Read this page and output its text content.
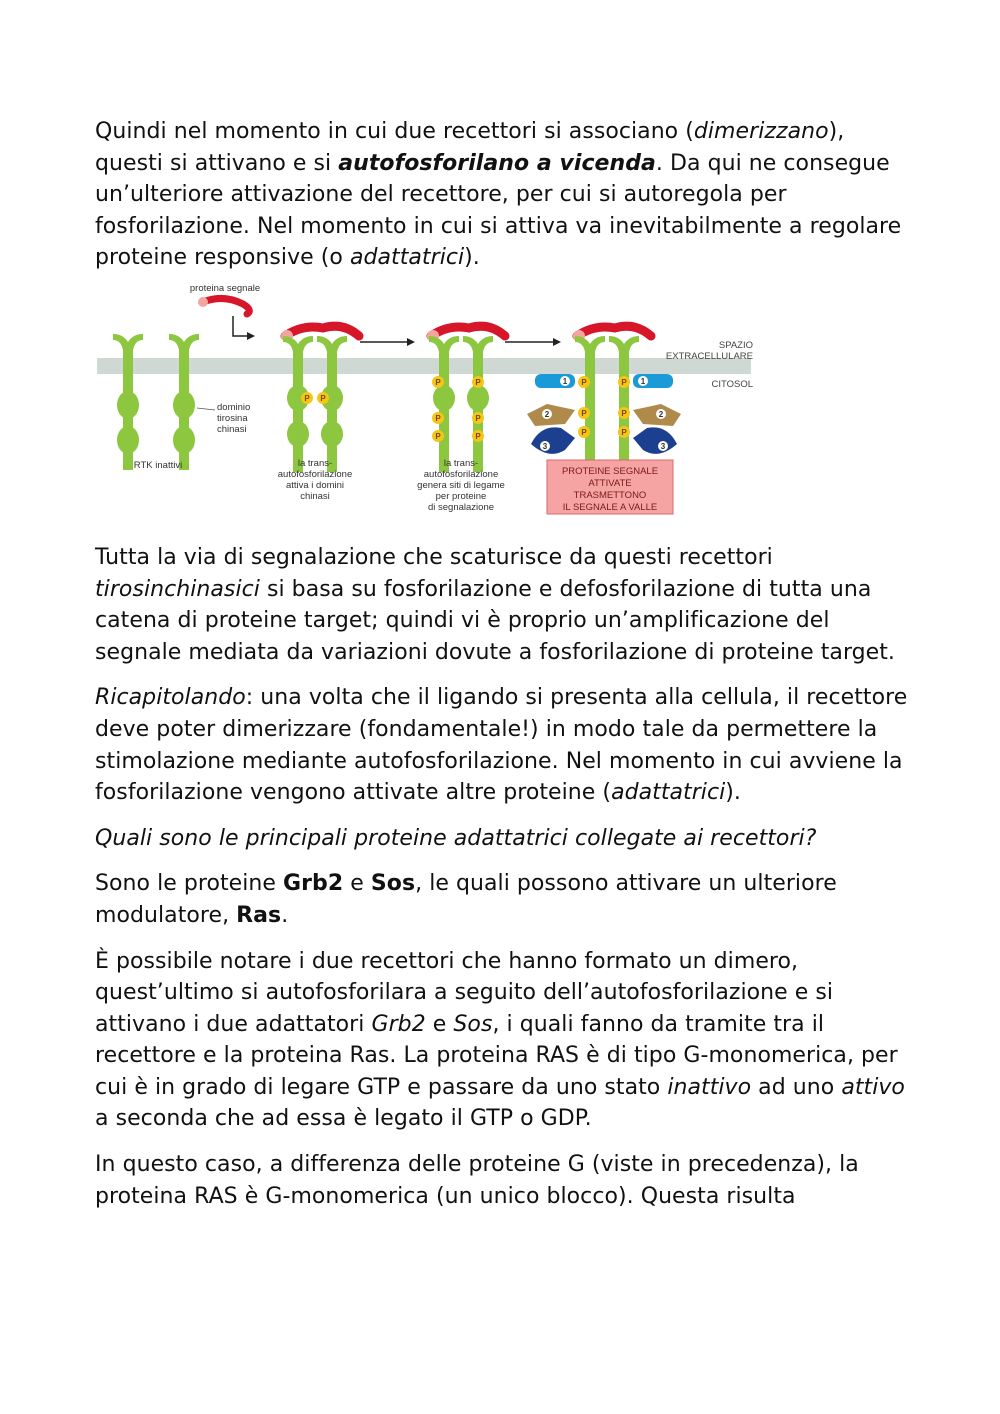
Quindi nel momento in cui due recettori si associano (dimerizzano), questi si attivano e si autofosforilano a vicenda. Da qui ne consegue un’ulteriore attivazione del recettore, per cui si autoregola per fosforilazione. Nel momento in cui si attiva va inevitabilmente a regolare proteine responsive (o adattatrici).

SPAZIO
EXTRACELLULARE
CITOSOL
proteina segnale
dominio
tirosina
chinasi
RTK inattivi
P P
la trans-
autofosforilazione
attiva i domini
chinasi
P	P
P	P
P	P
la trans-
autofosforilazione
genera siti di legame
per proteine
di segnalazione
P	P
P	P
P	P
1
2
3
1
2
3
PROTEINE SEGNALE
ATTIVATE
TRASMETTONO
IL SEGNALE A VALLE

Tutta la via di segnalazione che scaturisce da questi recettori tirosinchinasici si basa su fosforilazione e defosforilazione di tutta una catena di proteine target; quindi vi è proprio un’amplificazione del segnale mediata da variazioni dovute a fosforilazione di proteine target.

Ricapitolando: una volta che il ligando si presenta alla cellula, il recettore deve poter dimerizzare (fondamentale!) in modo tale da permettere la stimolazione mediante autofosforilazione. Nel momento in cui avviene la fosforilazione vengono attivate altre proteine (adattatrici).

Quali sono le principali proteine adattatrici collegate ai recettori?

Sono le proteine Grb2 e Sos, le quali possono attivare un ulteriore modulatore, Ras.

È possibile notare i due recettori che hanno formato un dimero, quest’ultimo si autofosforilara a seguito dell’autofosforilazione e si attivano i due adattatori Grb2 e Sos, i quali fanno da tramite tra il recettore e la proteina Ras. La proteina RAS è di tipo G-monomerica, per cui è in grado di legare GTP e passare da uno stato inattivo ad uno attivo a seconda che ad essa è legato il GTP o GDP.

In questo caso, a differenza delle proteine G (viste in precedenza), la proteina RAS è G-monomerica (un unico blocco). Questa risulta
